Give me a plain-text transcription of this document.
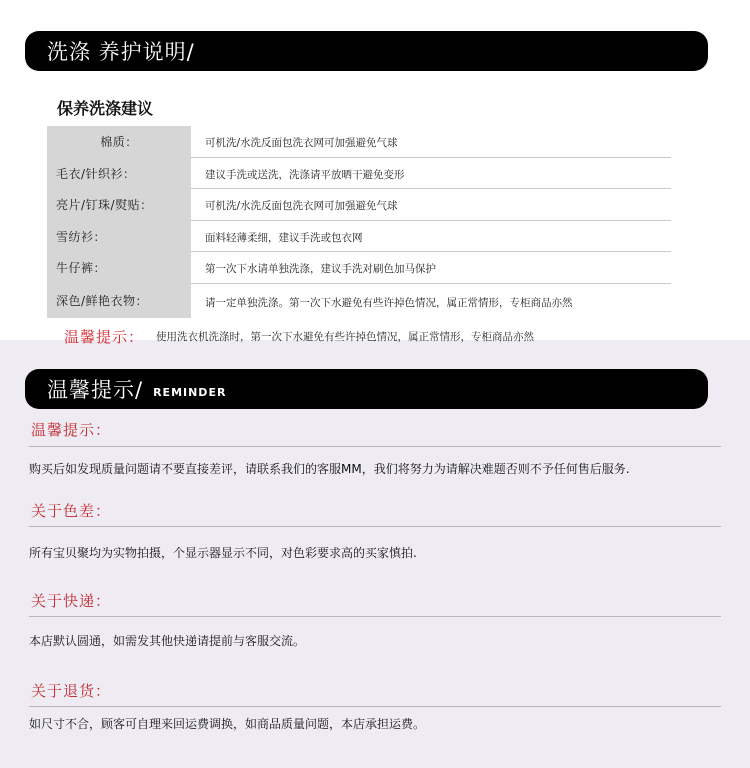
洗涤 养护说明/
保养洗涤建议
棉质：	可机洗/水洗反面包洗衣网可加强避免气球
毛衣/针织衫：	建议手洗或送洗，洗涤请平放晒干避免变形
亮片/钉珠/熨贴：	可机洗/水洗反面包洗衣网可加强避免气球
雪纺衫：	面料轻薄柔细，建议手洗或包衣网
牛仔裤：	第一次下水请单独洗涤，建议手洗对刷色加马保护
深色/鲜艳衣物：	请一定单独洗涤。第一次下水避免有些许掉色情况，属正常情形，专柜商品亦然
温馨提示： 使用洗衣机洗涤时，第一次下水避免有些许掉色情况，属正常情形，专柜商品亦然
温馨提示/ REMINDER
温馨提示：
购买后如发现质量问题请不要直接差评，请联系我们的客服MM，我们将努力为请解决难题否则不予任何售后服务.
关于色差：
所有宝贝聚均为实物拍摄，个显示器显示不同，对色彩要求高的买家慎拍.
关于快递：
本店默认圆通，如需发其他快递请提前与客服交流。
关于退货：
如尺寸不合，顾客可自理来回运费调换，如商品质量问题，本店承担运费。
